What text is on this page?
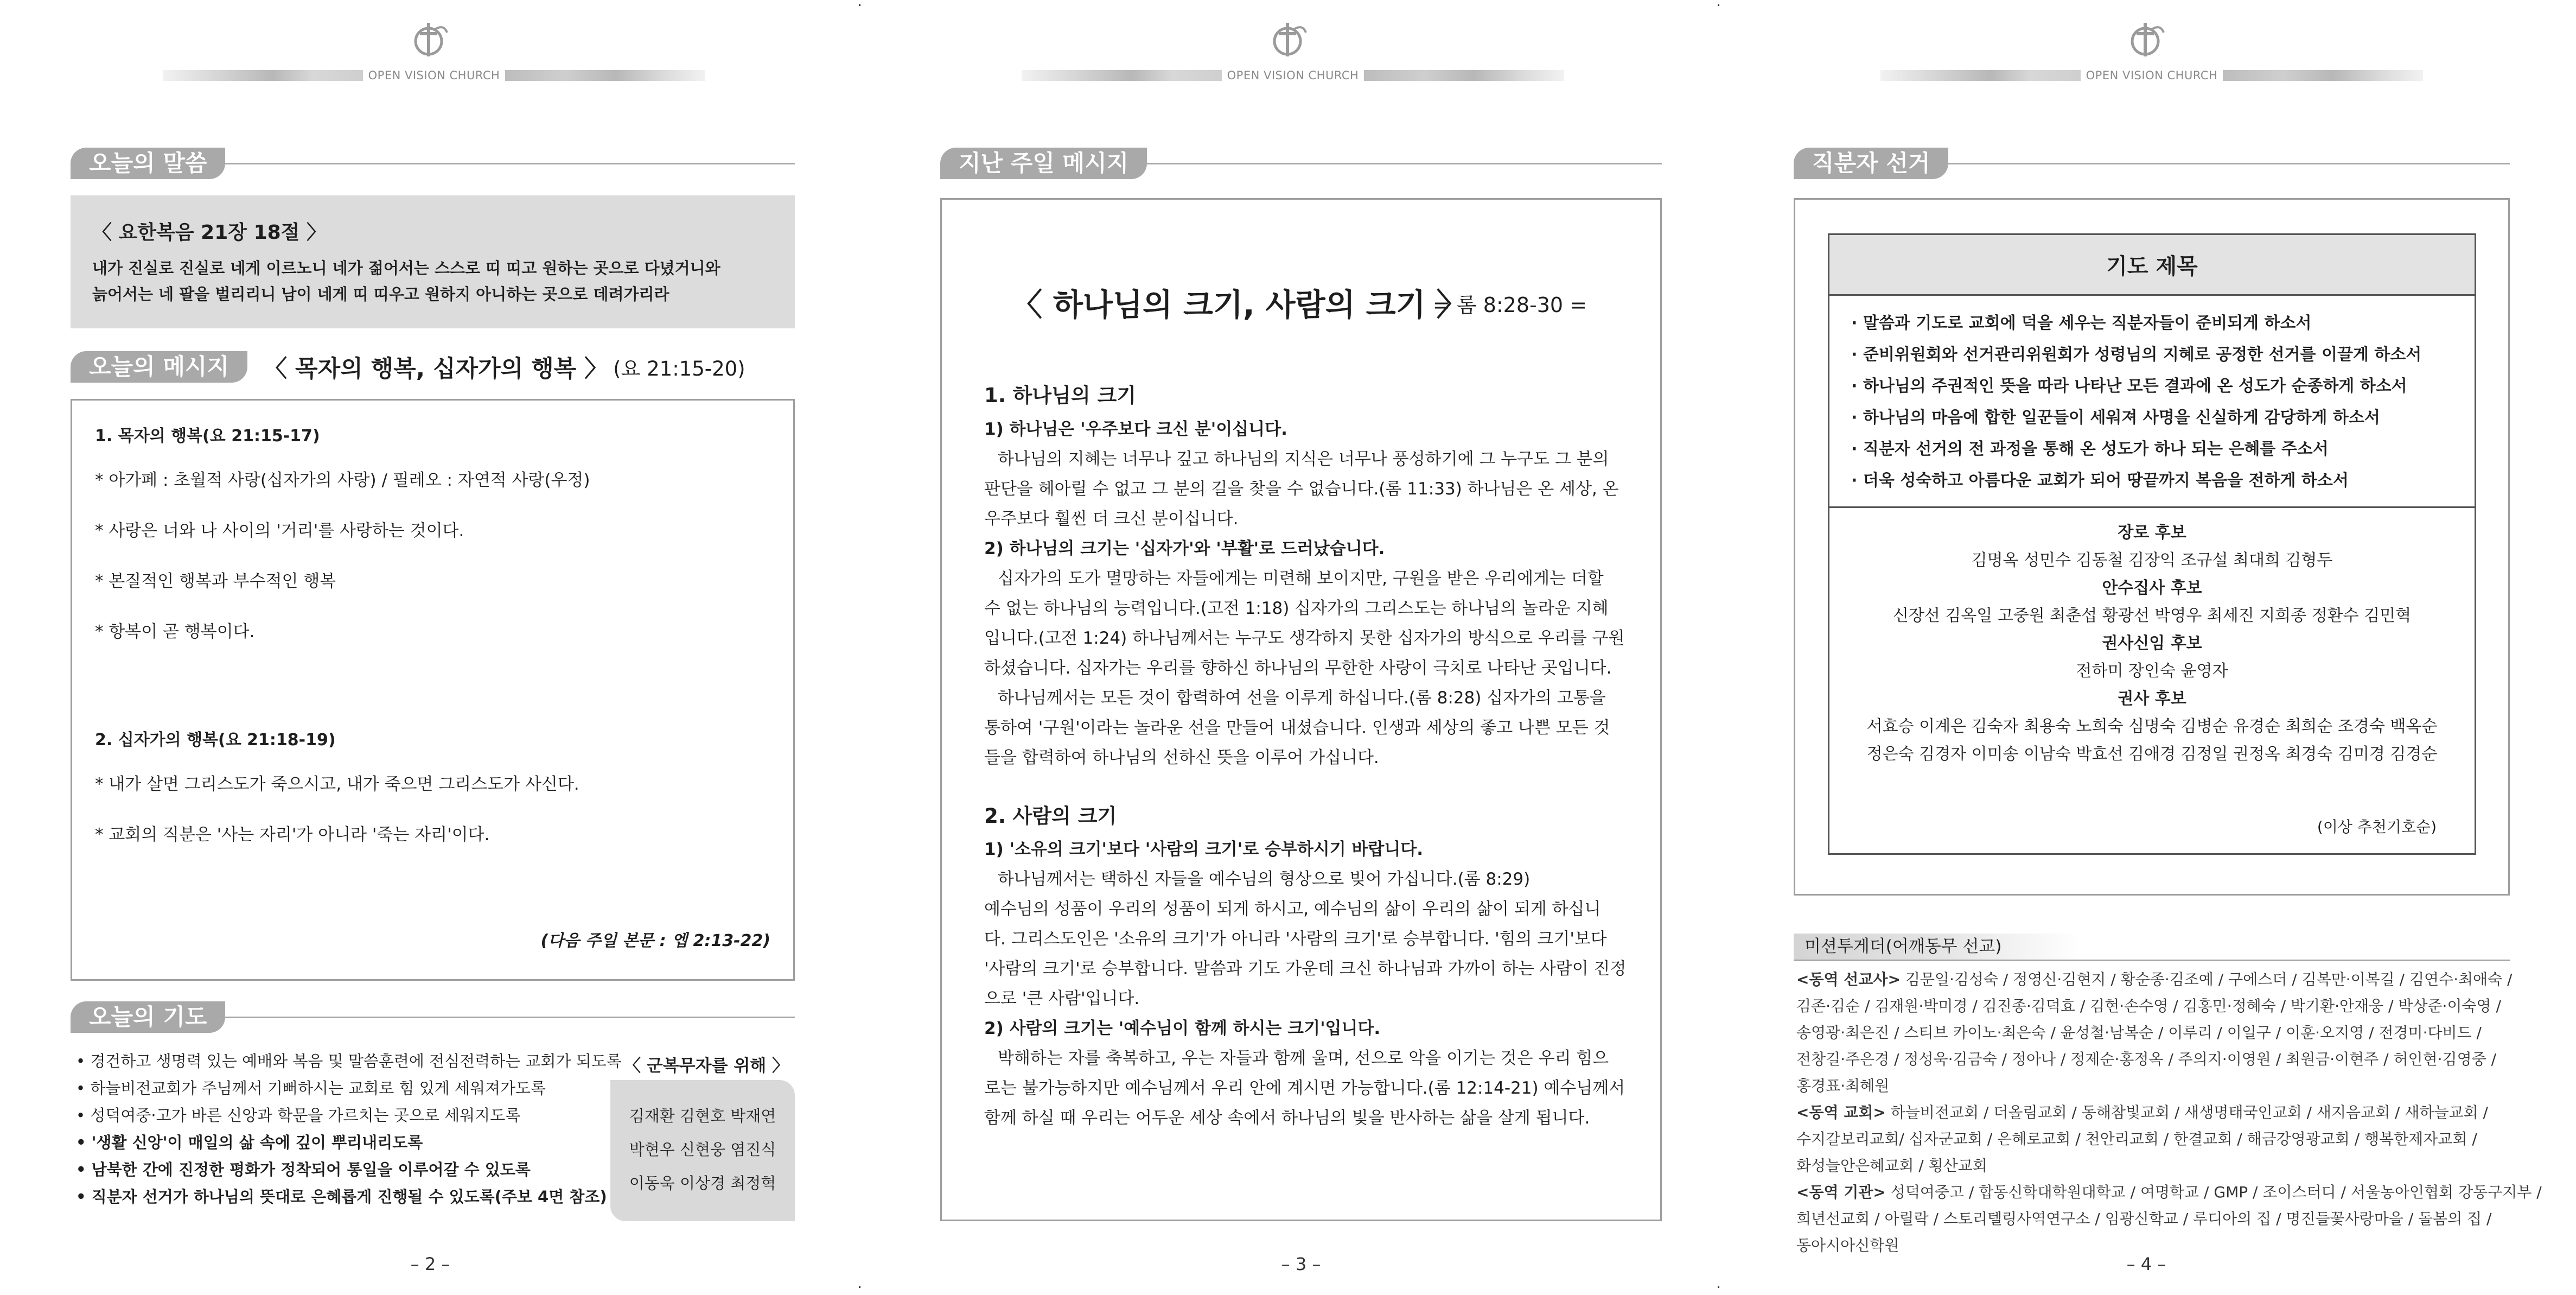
OPEN VISION CHURCH
오늘의 말씀
〈 요한복음 21장 18절 〉
내가 진실로 진실로 네게 이르노니 네가 젊어서는 스스로 띠 띠고 원하는 곳으로 다녔거니와
늙어서는 네 팔을 벌리리니 남이 네게 띠 띠우고 원하지 아니하는 곳으로 데려가리라
오늘의 메시지	〈 목자의 행복, 십자가의 행복 〉 (요 21:15-20)
1. 목자의 행복(요 21:15-17)
* 아가페 : 초월적 사랑(십자가의 사랑) / 필레오 : 자연적 사랑(우정)
* 사랑은 너와 나 사이의 '거리'를 사랑하는 것이다.
* 본질적인 행복과 부수적인 행복
* 항복이 곧 행복이다.
2. 십자가의 행복(요 21:18-19)
* 내가 살면 그리스도가 죽으시고, 내가 죽으면 그리스도가 사신다.
* 교회의 직분은 '사는 자리'가 아니라 '죽는 자리'이다.
(다음 주일 본문 : 엡 2:13-22)
오늘의 기도
• 경건하고 생명력 있는 예배와 복음 및 말씀훈련에 전심전력하는 교회가 되도록
• 하늘비전교회가 주님께서 기뻐하시는 교회로 힘 있게 세워져가도록
• 성덕여중·고가 바른 신앙과 학문을 가르치는 곳으로 세워지도록
• '생활 신앙'이 매일의 삶 속에 깊이 뿌리내리도록
• 남북한 간에 진정한 평화가 정착되어 통일을 이루어갈 수 있도록
• 직분자 선거가 하나님의 뜻대로 은혜롭게 진행될 수 있도록(주보 4면 참조)
〈 군복무자를 위해 〉
김재환 김현호 박재연
박현우 신현웅 염진식
이동욱 이상경 최정혁
– 2 –
OPEN VISION CHURCH
지난 주일 메시지
〈 하나님의 크기, 사람의 크기 〉
= 롬 8:28-30 =
1. 하나님의 크기
1) 하나님은 '우주보다 크신 분'이십니다.
하나님의 지혜는 너무나 깊고 하나님의 지식은 너무나 풍성하기에 그 누구도 그 분의
판단을 헤아릴 수 없고 그 분의 길을 찾을 수 없습니다.(롬 11:33) 하나님은 온 세상, 온
우주보다 훨씬 더 크신 분이십니다.
2) 하나님의 크기는 '십자가'와 '부활'로 드러났습니다.
십자가의 도가 멸망하는 자들에게는 미련해 보이지만, 구원을 받은 우리에게는 더할
수 없는 하나님의 능력입니다.(고전 1:18) 십자가의 그리스도는 하나님의 놀라운 지혜
입니다.(고전 1:24) 하나님께서는 누구도 생각하지 못한 십자가의 방식으로 우리를 구원
하셨습니다. 십자가는 우리를 향하신 하나님의 무한한 사랑이 극치로 나타난 곳입니다.
하나님께서는 모든 것이 합력하여 선을 이루게 하십니다.(롬 8:28) 십자가의 고통을
통하여 '구원'이라는 놀라운 선을 만들어 내셨습니다. 인생과 세상의 좋고 나쁜 모든 것
들을 합력하여 하나님의 선하신 뜻을 이루어 가십니다.
2. 사람의 크기
1) '소유의 크기'보다 '사람의 크기'로 승부하시기 바랍니다.
하나님께서는 택하신 자들을 예수님의 형상으로 빚어 가십니다.(롬 8:29)
예수님의 성품이 우리의 성품이 되게 하시고, 예수님의 삶이 우리의 삶이 되게 하십니
다. 그리스도인은 '소유의 크기'가 아니라 '사람의 크기'로 승부합니다. '힘의 크기'보다
'사람의 크기'로 승부합니다. 말씀과 기도 가운데 크신 하나님과 가까이 하는 사람이 진정
으로 '큰 사람'입니다.
2) 사람의 크기는 '예수님이 함께 하시는 크기'입니다.
박해하는 자를 축복하고, 우는 자들과 함께 울며, 선으로 악을 이기는 것은 우리 힘으
로는 불가능하지만 예수님께서 우리 안에 계시면 가능합니다.(롬 12:14-21) 예수님께서
함께 하실 때 우리는 어두운 세상 속에서 하나님의 빛을 반사하는 삶을 살게 됩니다.
– 3 –
OPEN VISION CHURCH
직분자 선거
기도 제목
· 말씀과 기도로 교회에 덕을 세우는 직분자들이 준비되게 하소서
· 준비위원회와 선거관리위원회가 성령님의 지혜로 공정한 선거를 이끌게 하소서
· 하나님의 주권적인 뜻을 따라 나타난 모든 결과에 온 성도가 순종하게 하소서
· 하나님의 마음에 합한 일꾼들이 세워져 사명을 신실하게 감당하게 하소서
· 직분자 선거의 전 과정을 통해 온 성도가 하나 되는 은혜를 주소서
· 더욱 성숙하고 아름다운 교회가 되어 땅끝까지 복음을 전하게 하소서
장로 후보
김명옥 성민수 김동철 김장익 조규설 최대희 김형두
안수집사 후보
신장선 김옥일 고중원 최춘섭 황광선 박영우 최세진 지희종 정환수 김민혁
권사신임 후보
전하미 장인숙 윤영자
권사 후보
서효승 이계은 김숙자 최용숙 노희숙 심명숙 김병순 유경순 최희순 조경숙 백옥순
정은숙 김경자 이미송 이남숙 박효선 김애경 김정일 권정옥 최경숙 김미경 김경순
(이상 추천기호순)
미션투게더(어깨동무 선교)
<동역 선교사> 김문일·김성숙 / 정영신·김현지 / 황순종·김조예 / 구에스더 / 김복만·이복길 / 김연수·최애숙 /
김존·김순 / 김재원·박미경 / 김진종·김덕효 / 김현·손수영 / 김홍민·정혜숙 / 박기환·안재웅 / 박상준·이숙영 /
송영광·최은진 / 스티브 카이노·최은숙 / 윤성철·남복순 / 이루리 / 이일구 / 이훈·오지영 / 전경미·다비드 /
전창길·주은경 / 정성욱·김금숙 / 정아나 / 정제순·홍정옥 / 주의지·이영원 / 최원금·이현주 / 허인현·김영중 /
홍경표·최혜원
<동역 교회> 하늘비전교회 / 더올림교회 / 동해참빛교회 / 새생명태국인교회 / 새지음교회 / 새하늘교회 /
수지갈보리교회/ 십자군교회 / 은혜로교회 / 천안리교회 / 한결교회 / 해금강영광교회 / 행복한제자교회 /
화성늘안은혜교회 / 횡산교회
<동역 기관> 성덕여중고 / 합동신학대학원대학교 / 여명학교 / GMP / 조이스터디 / 서울농아인협회 강동구지부 /
희년선교회 / 아릴락 / 스토리텔링사역연구소 / 임광신학교 / 루디아의 집 / 명진들꽃사랑마을 / 돌봄의 집 /
동아시아신학원
– 4 –
